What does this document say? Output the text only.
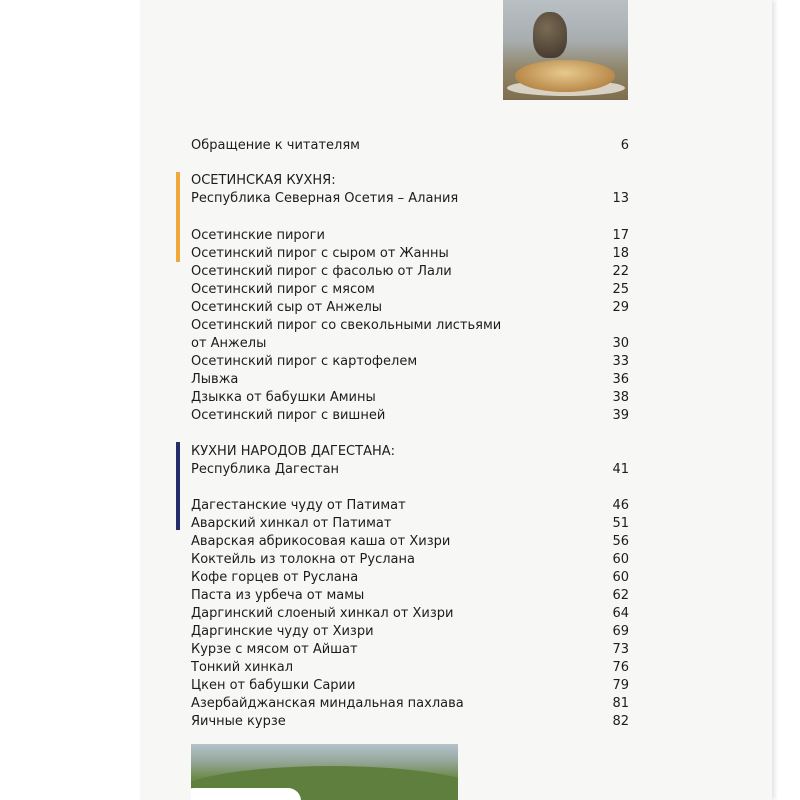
Обращение к читателям	6
ОСЕТИНСКАЯ КУХНЯ:
Республика Северная Осетия – Алания	13
Осетинские пироги	17
Осетинский пирог с сыром от Жанны	18
Осетинский пирог с фасолью от Лали	22
Осетинский пирог с мясом	25
Осетинский сыр от Анжелы	29
Осетинский пирог со свекольными листьями
от Анжелы	30
Осетинский пирог с картофелем	33
Лывжа	36
Дзыкка от бабушки Амины	38
Осетинский пирог с вишней	39
КУХНИ НАРОДОВ ДАГЕСТАНА:
Республика Дагестан	41
Дагестанские чуду от Патимат	46
Аварский хинкал от Патимат	51
Аварская абрикосовая каша от Хизри	56
Коктейль из толокна от Руслана	60
Кофе горцев от Руслана	60
Паста из урбеча от мамы	62
Даргинский слоеный хинкал от Хизри	64
Даргинские чуду от Хизри	69
Курзе с мясом от Айшат	73
Тонкий хинкал	76
Цкен от бабушки Сарии	79
Азербайджанская миндальная пахлава	81
Яичные курзе	82
